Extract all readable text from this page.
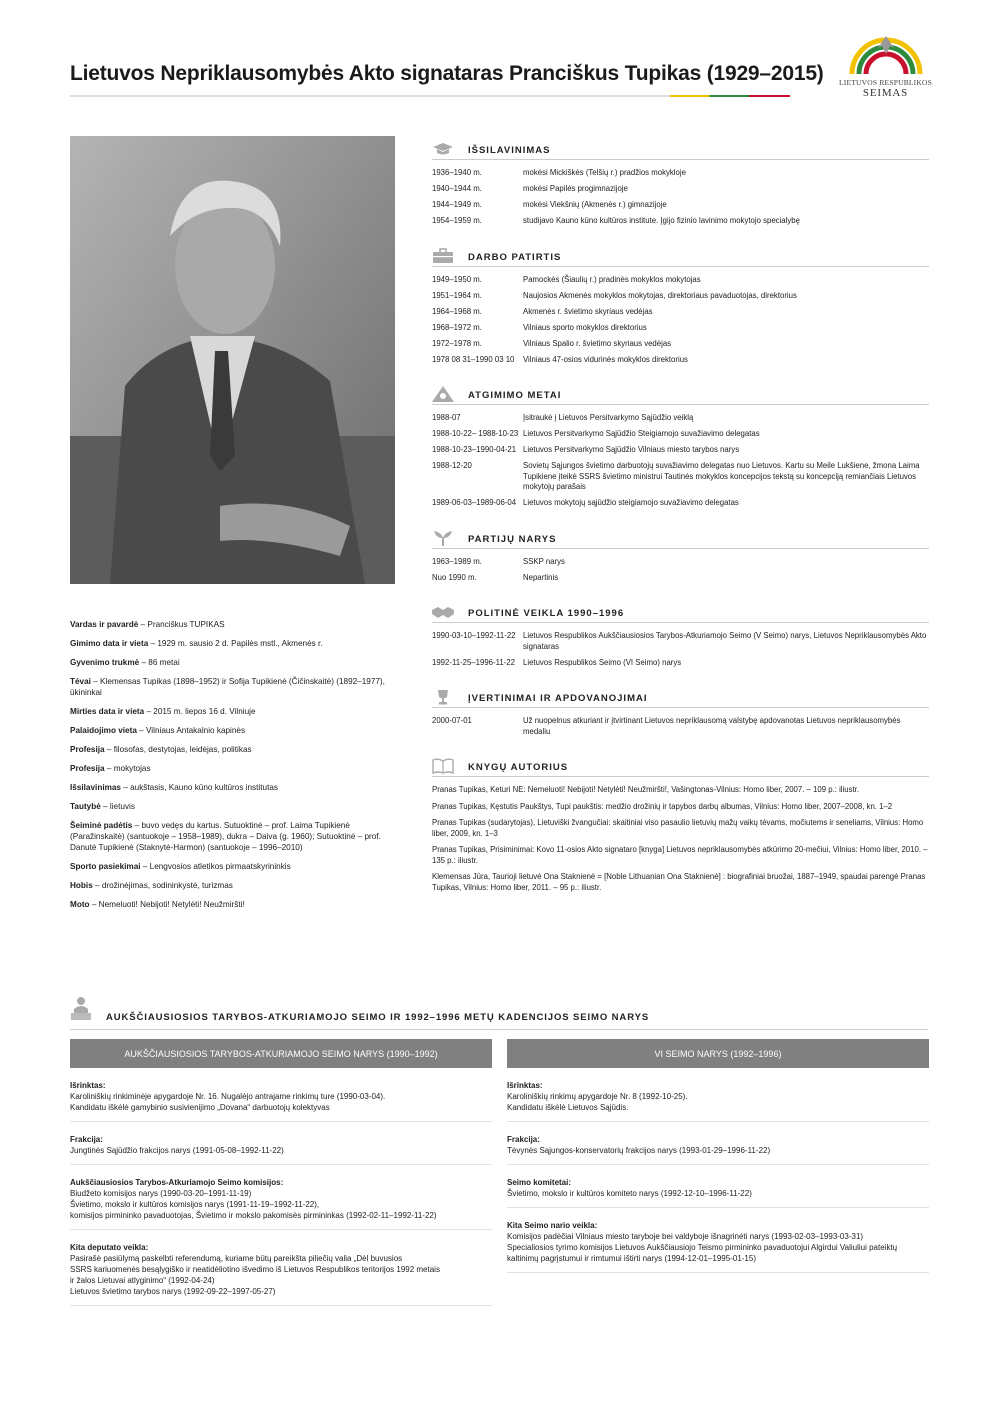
Lietuvos Nepriklausomybės Akto signataras Pranciškus Tupikas (1929–2015) LIETUVOS RESPUBLIKOS
SEIMAS
Vardas ir pavardė – Pranciškus TUPIKAS
Gimimo data ir vieta – 1929 m. sausio 2 d. Papilės mstl., Akmenės r.
Gyvenimo trukmė – 86 metai
Tėvai – Klemensas Tupikas (1898–1952) ir Sofija Tupikienė (Čičinskaitė) (1892–1977), ūkininkai
Mirties data ir vieta – 2015 m. liepos 16 d. Vilniuje
Palaidojimo vieta – Vilniaus Antakalnio kapinės
Profesija – filosofas, destytojas, leidėjas, politikas
Profesija – mokytojas
Išsilavinimas – aukštasis, Kauno kūno kultūros institutas
Tautybė – lietuvis
Šeiminė padėtis – buvo vedęs du kartus. Sutuoktinė – prof. Laima Tupikienė (Paražinskaitė) (santuokoje – 1958–1989), dukra – Daiva (g. 1960); Sutuoktinė – prof. Danutė Tupikienė (Staknytė-Harmon) (santuokoje – 1996–2010)
Sporto pasiekimai – Lengvosios atletikos pirmaatskyrininkis
Hobis – drožinėjimas, sodininkystė, turizmas
Moto – Nemeluoti! Nebijoti! Netylėti! Neužmiršti!
IŠSILAVINIMAS
1936–1940 m.	mokėsi Mickiškės (Telšių r.) pradžios mokykloje
1940–1944 m.	mokėsi Papilės progimnazijoje
1944–1949 m.	mokėsi Viekšnių (Akmenės r.) gimnazijoje
1954–1959 m.	studijavo Kauno kūno kultūros institute. Įgijo fizinio lavinimo mokytojo specialybę
DARBO PATIRTIS
1949–1950 m.	Pamockės (Šiaulių r.) pradinės mokyklos mokytojas
1951–1964 m.	Naujosios Akmenės mokyklos mokytojas, direktoriaus pavaduotojas, direktorius
1964–1968 m.	Akmenės r. švietimo skyriaus vedėjas
1968–1972 m.	Vilniaus sporto mokyklos direktorius
1972–1978 m.	Vilniaus Spalio r. švietimo skyriaus vedėjas
1978 08 31–1990 03 10	Vilniaus 47-osios vidurinės mokyklos direktorius
ATGIMIMO METAI
1988-07	Įsitraukė į Lietuvos Persitvarkymo Sąjūdžio veiklą
1988-10-22– 1988-10-23 Lietuvos Persitvarkymo Sąjūdžio Steigiamojo suvažiavimo delegatas
1988-10-23–1990-04-21 Lietuvos Persitvarkymo Sąjūdžio Vilniaus miesto tarybos narys
1988-12-20	Sovietų Sąjungos švietimo darbuotojų suvažiavimo delegatas nuo Lietuvos. Kartu su Meile Lukšiene, žmona Laima Tupikiene įteikė SSRS švietimo ministrui Tautinės mokyklos koncepcijos tekstą su koncepciją remiančiais Lietuvos mokytojų parašais
1989-06-03–1989-06-04 Lietuvos mokytojų sąjūdžio steigiamojo suvažiavimo delegatas
PARTIJŲ NARYS
1963–1989 m.	SSKP narys
Nuo 1990 m.	Nepartinis
POLITINĖ VEIKLA 1990–1996
1990-03-10–1992-11-22 Lietuvos Respublikos Aukščiausiosios Tarybos-Atkuriamojo Seimo (V Seimo) narys, Lietuvos Nepriklausomybės Akto signataras
1992-11-25–1996-11-22	Lietuvos Respublikos Seimo (VI Seimo) narys
ĮVERTINIMAI IR APDOVANOJIMAI
2000-07-01	Už nuopelnus atkuriant ir įtvirtinant Lietuvos nepriklausomą valstybę apdovanotas Lietuvos nepriklausomybės medaliu
KNYGŲ AUTORIUS
Pranas Tupikas, Keturi NE: Nemeluoti! Nebijoti! Netylėti! Neužmiršti!, Vašingtonas-Vilnius: Homo liber, 2007. – 109 p.: iliustr.
Pranas Tupikas, Kęstutis Paukštys, Tupi paukštis: medžio drožinių ir tapybos darbų albumas, Vilnius: Homo liber, 2007–2008, kn. 1–2
Pranas Tupikas (sudarytojas), Lietuviški žvangučiai: skaitiniai viso pasaulio lietuvių mažų vaikų tėvams, močiutems ir seneliams, Vilnius: Homo liber, 2009, kn. 1–3
Pranas Tupikas, Prisiminimai: Kovo 11-osios Akto signataro [knyga] Lietuvos nepriklausomybės atkūrimo 20-mečiui, Vilnius: Homo liber, 2010. – 135 p.: iliustr.
Klemensas Jūra, Taurioji lietuvė Ona Staknienė = [Noble Lithuanian Ona Staknienė] : biografiniai bruožai, 1887–1949, spaudai parengė Pranas Tupikas, Vilnius: Homo liber, 2011. – 95 p.: iliustr.
AUKŠČIAUSIOSIOS TARYBOS-ATKURIAMOJO SEIMO IR 1992–1996 METŲ KADENCIJOS SEIMO NARYS
AUKŠČIAUSIOSIOS TARYBOS-ATKURIAMOJO SEIMO NARYS (1990–1992)
Išrinktas:
Karoliniškių rinkiminėje apygardoje Nr. 16. Nugalėjo antrajame rinkimų ture (1990-03-04).
Kandidatu iškėlė gamybinio susivienijimo „Dovana“ darbuotojų kolektyvas
Frakcija:
Jungtinės Sąjūdžio frakcijos narys (1991-05-08–1992-11-22)
Aukščiausiosios Tarybos-Atkuriamojo Seimo komisijos:
Biudžeto komisijos narys (1990-03-20–1991-11-19)
Švietimo, mokslo ir kultūros komisijos narys (1991-11-19–1992-11-22),
komisijos pirmininko pavaduotojas, Švietimo ir mokslo pakomisės pirmininkas (1992-02-11–1992-11-22)
Kita deputato veikla:
Pasirašė pasiūlymą paskelbti referendumą, kuriame būtų pareikšta piliečių valia „Dėl buvusios
SSRS kariuomenės besąlygiško ir neatidėliotino išvedimo iš Lietuvos Respublikos teritorijos 1992 metais
ir žalos Lietuvai atlyginimo“ (1992-04-24)
Lietuvos švietimo tarybos narys (1992-09-22–1997-05-27)
VI SEIMO NARYS (1992–1996)
Išrinktas:
Karoliniškių rinkimų apygardoje Nr. 8 (1992-10-25).
Kandidatu iškėlė Lietuvos Sąjūdis.
Frakcija:
Tėvynės Sąjungos-konservatorių frakcijos narys (1993-01-29–1996-11-22)
Seimo komitetai:
Švietimo, mokslo ir kultūros komiteto narys (1992-12-10–1996-11-22)
Kita Seimo nario veikla:
Komisijos padėčiai Vilniaus miesto taryboje bei valdyboje išnagrinėti narys (1993-02-03–1993-03-31)
Specialiosios tyrimo komisijos Lietuvos Aukščiausiojo Teismo pirmininko pavaduotojui Algirdui Valiuliui pateiktų
kaltinimų pagrįstumui ir rimtumui ištirti narys (1994-12-01–1995-01-15)
